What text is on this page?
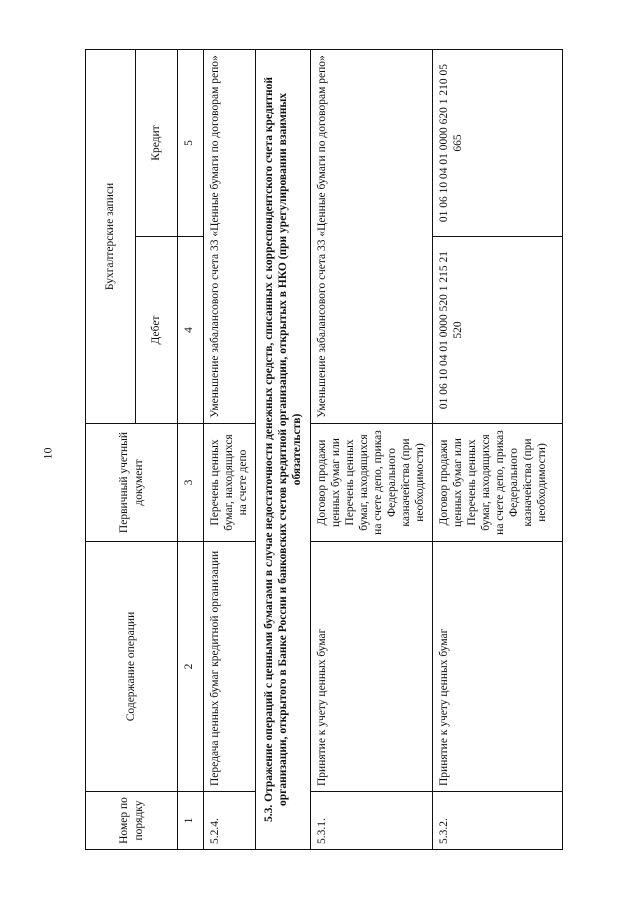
10
Номер по порядку	Содержание операции	Первичный учетный документ	Бухгалтерские записи	
			Дебет	Кредит
1	2	3	4	5
5.2.4.	Передача ценных бумаг кредитной организации	Перечень ценных бумаг, находящихся на счете депо	Уменьшение забалансового счета 33 «Ценные бумаги по договорам репо»	
5.3. Отражение операций с ценными бумагами в случае недостаточности денежных средств, списанных с корреспондентского счета кредитной организации, открытого в Банке России и банковских счетов кредитной организации, открытых в НКО (при урегулировании взаимных обязательств)				
5.3.1.	Принятие к учету ценных бумаг	Договор продажи ценных бумаг или Перечень ценных бумаг, находящихся на счете депо, приказ Федерального казначейства (при необходимости)	Уменьшение забалансового счета 33 «Ценные бумаги по договорам репо»	
5.3.2.	Принятие к учету ценных бумаг	Договор продажи ценных бумаг или Перечень ценных бумаг, находящихся на счете депо, приказ Федерального казначейства (при необходимости)	01 06 10 04 01 0000 520 1 215 21 520	01 06 10 04 01 0000 620 1 210 05 665
